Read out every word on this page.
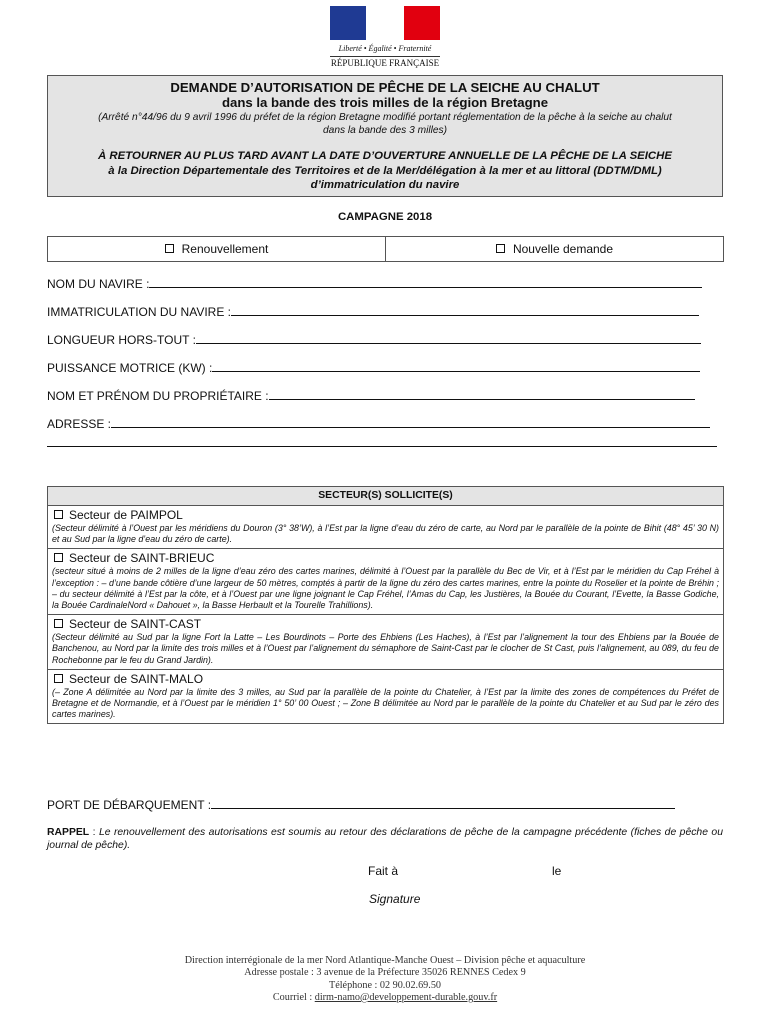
Liberté • Égalité • Fraternité
RÉPUBLIQUE FRANÇAISE
DEMANDE D’AUTORISATION DE PÊCHE DE LA SEICHE AU CHALUT
dans la bande des trois milles de la région Bretagne
(Arrêté n°44/96 du 9 avril 1996 du préfet de la région Bretagne modifié portant réglementation de la pêche à la seiche au chalut dans la bande des 3 milles)
À RETOURNER AU PLUS TARD AVANT LA DATE D’OUVERTURE ANNUELLE DE LA PÊCHE DE LA SEICHE
à la Direction Départementale des Territoires et de la Mer/délégation à la mer et au littoral (DDTM/DML)
d’immatriculation du navire
CAMPAGNE 2018
Renouvellement	Nouvelle demande
NOM DU NAVIRE :
IMMATRICULATION DU NAVIRE :
LONGUEUR HORS-TOUT :
PUISSANCE MOTRICE (KW) :
NOM ET PRÉNOM DU PROPRIÉTAIRE :
ADRESSE :
SECTEUR(S) SOLLICITE(S)
Secteur de PAIMPOL
(Secteur délimité à l’Ouest par les méridiens du Douron (3° 38’W), à l’Est par la ligne d’eau du zéro de carte, au Nord par le parallèle de la pointe de Bihit (48° 45’ 30 N) et au Sud par la ligne d’eau du zéro de carte).
Secteur de SAINT-BRIEUC
(secteur situé à moins de 2 milles de la ligne d’eau zéro des cartes marines, délimité à l’Ouest par la parallèle du Bec de Vir, et à l’Est par le méridien du Cap Fréhel à l’exception : – d’une bande côtière d’une largeur de 50 mètres, comptés à partir de la ligne du zéro des cartes marines, entre la pointe du Roselier et la pointe de Bréhin ; – du secteur délimité à l’Est par la côte, et à l’Ouest par une ligne joignant le Cap Fréhel, l’Amas du Cap, les Justières, la Bouée du Courant, l’Evette, la Basse Godiche, la Bouée CardinaleNord « Dahouet », la Basse Herbault et la Tourelle Trahillions).
Secteur de SAINT-CAST
(Secteur délimité au Sud par la ligne Fort la Latte – Les Bourdinots – Porte des Ehbiens (Les Haches), à l’Est par l’alignement la tour des Ehbiens par la Bouée de Banchenou, au Nord par la limite des trois milles et à l’Ouest par l’alignement du sémaphore de Saint-Cast par le clocher de St Cast, puis l’alignement, au 089, du feu de Rochebonne par le feu du Grand Jardin).
Secteur de SAINT-MALO
(– Zone A délimitée au Nord par la limite des 3 milles, au Sud par la parallèle de la pointe du Chatelier, à l’Est par la limite des zones de compétences du Préfet de Bretagne et de Normandie, et à l’Ouest par le méridien 1° 50’ 00 Ouest ; – Zone B délimitée au Nord par le parallèle de la pointe du Chatelier et au Sud par le zéro des cartes marines).
PORT DE DÉBARQUEMENT :
RAPPEL : Le renouvellement des autorisations est soumis au retour des déclarations de pêche de la campagne précédente (fiches de pêche ou journal de pêche).
Fait à	le
Signature
Direction interrégionale de la mer Nord Atlantique-Manche Ouest – Division pêche et aquaculture
Adresse postale : 3 avenue de la Préfecture 35026 RENNES Cedex 9
Téléphone : 02 90.02.69.50
Courriel : dirm-namo@developpement-durable.gouv.fr
